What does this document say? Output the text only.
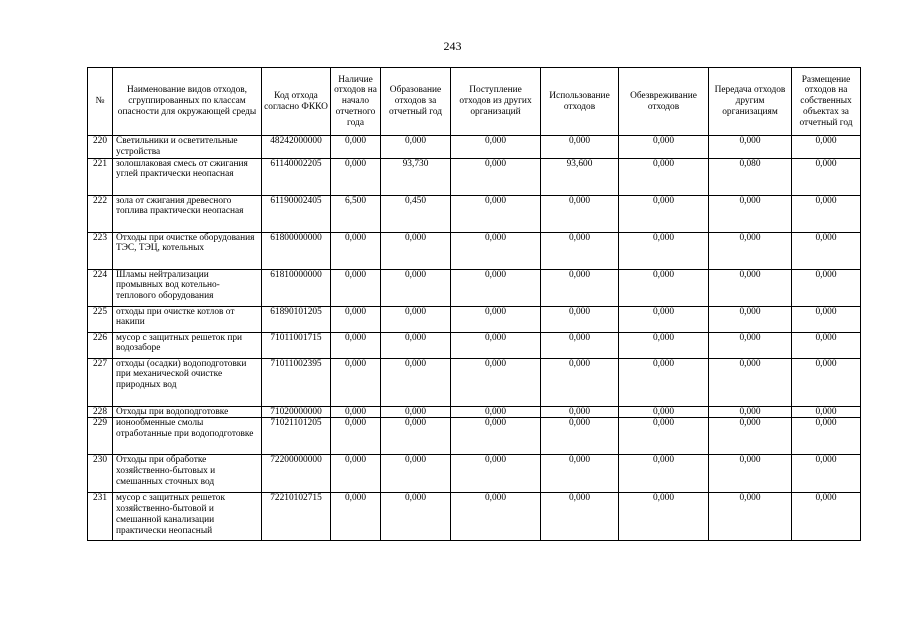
243
№	Наименование видов отходов, сгруппированных по классам опасности для окружающей среды	Код отхода согласно ФККО	Наличие отходов на начало отчетного года	Образование отходов за отчетный год	Поступление отходов из других организаций	Использование отходов	Обезвреживание отходов	Передача отходов другим организациям	Размещение отходов на собственных объектах за отчетный год
220	Светильники и осветительные устройства	48242000000	0,000	0,000	0,000	0,000	0,000	0,000	0,000
221	золошлаковая смесь от сжигания углей практически неопасная	61140002205	0,000	93,730	0,000	93,600	0,000	0,080	0,000
222	зола от сжигания древесного топлива практически неопасная	61190002405	6,500	0,450	0,000	0,000	0,000	0,000	0,000
223	Отходы при очистке оборудования ТЭС, ТЭЦ, котельных	61800000000	0,000	0,000	0,000	0,000	0,000	0,000	0,000
224	Шламы нейтрализации промывных вод котельно-теплового оборудования	61810000000	0,000	0,000	0,000	0,000	0,000	0,000	0,000
225	отходы при очистке котлов от накипи	61890101205	0,000	0,000	0,000	0,000	0,000	0,000	0,000
226	мусор с защитных решеток при водозаборе	71011001715	0,000	0,000	0,000	0,000	0,000	0,000	0,000
227	отходы (осадки) водоподготовки при механической очистке природных вод	71011002395	0,000	0,000	0,000	0,000	0,000	0,000	0,000
228	Отходы при водоподготовке	71020000000	0,000	0,000	0,000	0,000	0,000	0,000	0,000
229	ионообменные смолы отработанные при водоподготовке	71021101205	0,000	0,000	0,000	0,000	0,000	0,000	0,000
230	Отходы при обработке хозяйственно-бытовых и смешанных сточных вод	72200000000	0,000	0,000	0,000	0,000	0,000	0,000	0,000
231	мусор с защитных решеток хозяйственно-бытовой и смешанной канализации практически неопасный	72210102715	0,000	0,000	0,000	0,000	0,000	0,000	0,000
